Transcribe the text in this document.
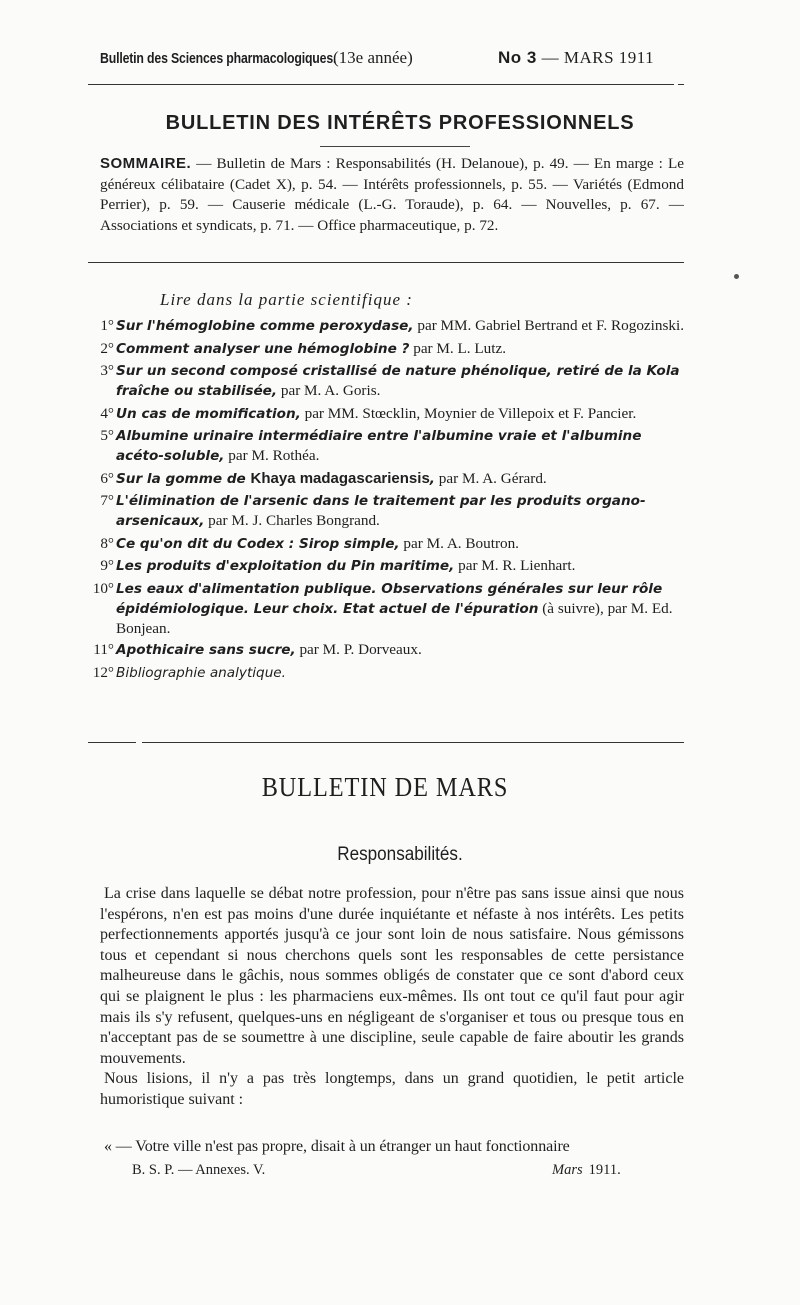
Bulletin des Sciences pharmacologiques.
(13e année)	No 3 — MARS 1911
BULLETIN DES INTÉRÊTS PROFESSIONNELS
SOMMAIRE. — Bulletin de Mars : Responsabilités (H. Delanoue), p. 49. — En marge : Le généreux célibataire (Cadet X), p. 54. — Intérêts professionnels, p. 55. — Variétés (Edmond Perrier), p. 59. — Causerie médicale (L.-G. Toraude), p. 64. — Nouvelles, p. 67. — Associations et syndicats, p. 71. — Office pharmaceutique, p. 72.
Lire dans la partie scientifique :
1° Sur l'hémoglobine comme peroxydase, par MM. Gabriel Bertrand et F. Rogozinski.
2° Comment analyser une hémoglobine ? par M. L. Lutz.
3° Sur un second composé cristallisé de nature phénolique, retiré de la Kola fraîche ou stabilisée, par M. A. Goris.
4° Un cas de momification, par MM. Stœcklin, Moynier de Villepoix et F. Pancier.
5° Albumine urinaire intermédiaire entre l'albumine vraie et l'albumine acéto-soluble, par M. Rothéa.
6° Sur la gomme de Khaya madagascariensis, par M. A. Gérard.
7° L'élimination de l'arsenic dans le traitement par les produits organo-arsenicaux, par M. J. Charles Bongrand.
8° Ce qu'on dit du Codex : Sirop simple, par M. A. Boutron.
9° Les produits d'exploitation du Pin maritime, par M. R. Lienhart.
10° Les eaux d'alimentation publique. Observations générales sur leur rôle épidémiologique. Leur choix. Etat actuel de l'épuration (à suivre), par M. Ed. Bonjean.
11° Apothicaire sans sucre, par M. P. Dorveaux.
12° Bibliographie analytique.
BULLETIN DE MARS
Responsabilités.

La crise dans laquelle se débat notre profession, pour n'être pas sans issue ainsi que nous l'espérons, n'en est pas moins d'une durée inquiétante et néfaste à nos intérêts. Les petits perfectionnements apportés jusqu'à ce jour sont loin de nous satisfaire. Nous gémissons tous et cependant si nous cherchons quels sont les responsables de cette persistance malheureuse dans le gâchis, nous sommes obligés de constater que ce sont d'abord ceux qui se plaignent le plus : les pharmaciens eux-mêmes. Ils ont tout ce qu'il faut pour agir mais ils s'y refusent, quelques-uns en négligeant de s'organiser et tous ou presque tous en n'acceptant pas de se soumettre à une discipline, seule capable de faire aboutir les grands mouvements.

Nous lisions, il n'y a pas très longtemps, dans un grand quotidien, le petit article humoristique suivant :

« — Votre ville n'est pas propre, disait à un étranger un haut fonctionnaire
B. S. P. — Annexes. V.	Mars 1911.
